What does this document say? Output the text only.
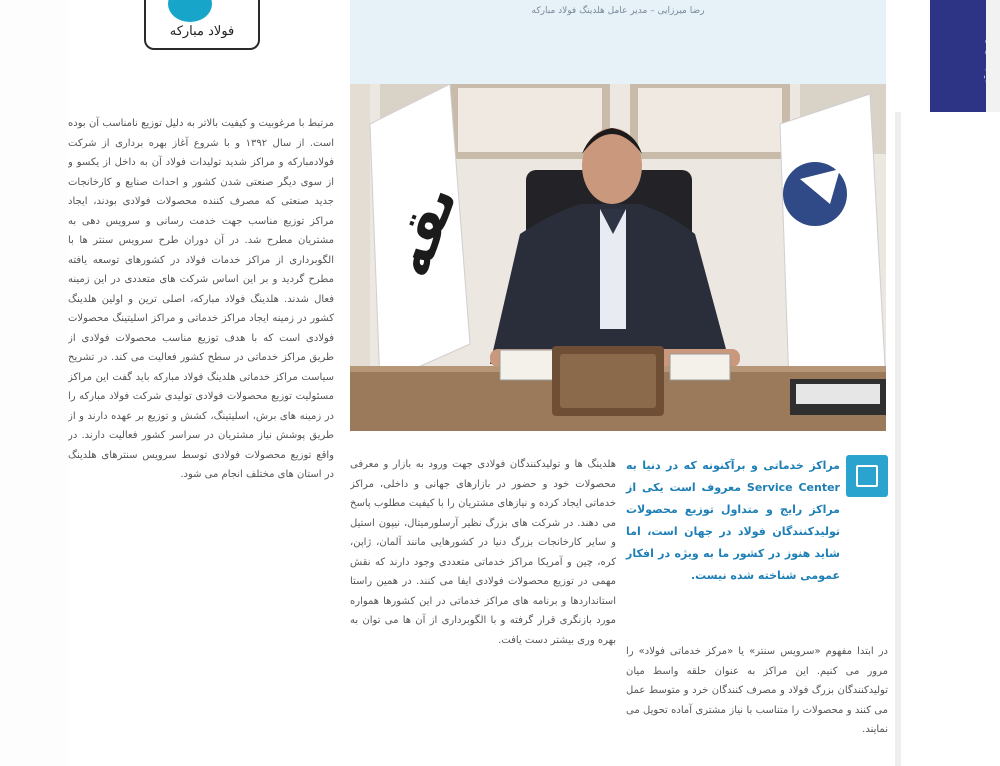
فولاد مبارکه
رضا میرزایی – مدیر عامل هلدینگ فولاد مبارکه
ىقه

مراکز خدماتی و برآکنونه که در دنیا به Service Center معروف است یکی از مراکز رایج و متداول توزیع محصولات تولیدکنندگان فولاد در جهان است، اما شاید هنوز در کشور ما به ویژه در افکار عمومی شناخته شده نیست.

مرتبط با مرغوبیت و کیفیت بالاتر به دلیل توزیع نامناسب آن بوده است. از سال ۱۳۹۲ و با شروع آغاز بهره برداری از شرکت فولادمبارکه و مراکز شدید تولیدات فولاد آن به داخل از یکسو و از سوی دیگر صنعتی شدن کشور و احداث صنایع و کارخانجات جدید صنعتی که مصرف کننده محصولات فولادی بودند، ایجاد مراکز توزیع مناسب جهت خدمت رسانی و سرویس دهی به مشتریان مطرح شد. در آن دوران طرح سرویس سنتر ها با الگوبرداری از مراکز خدمات فولاد در کشورهای توسعه یافته مطرح گردید و بر این اساس شرکت های متعددی در این زمینه فعال شدند. هلدینگ فولاد مبارکه، اصلی ترین و اولین هلدینگ کشور در زمینه ایجاد مراکز خدماتی و مراکز اسلیتینگ محصولات فولادی است که با هدف توزیع مناسب محصولات فولادی از طریق مراکز خدماتی در سطح کشور فعالیت می کند. در تشریح سیاست مراکز خدماتی هلدینگ فولاد مبارکه باید گفت این مراکز مسئولیت توزیع محصولات فولادی تولیدی شرکت فولاد مبارکه را در زمینه های برش، اسلیتینگ، کشش و توزیع بر عهده دارند و از طریق پوشش نیاز مشتریان در سراسر کشور فعالیت دارند. در واقع توزیع محصولات فولادی توسط سرویس سنترهای هلدینگ در استان های مختلف انجام می شود.

هلدینگ ها و تولیدکنندگان فولادی جهت ورود به بازار و معرفی محصولات خود و حضور در بازارهای جهانی و داخلی، مراکز خدماتی ایجاد کرده و نیازهای مشتریان را با کیفیت مطلوب پاسخ می دهند. در شرکت های بزرگ نظیر آرسلورمیتال، نیپون استیل و سایر کارخانجات بزرگ دنیا در کشورهایی مانند آلمان، ژاپن، کره، چین و آمریکا مراکز خدماتی متعددی وجود دارند که نقش مهمی در توزیع محصولات فولادی ایفا می کنند. در همین راستا استانداردها و برنامه های مراکز خدماتی در این کشورها همواره مورد بازنگری قرار گرفته و با الگوبرداری از آن ها می توان به بهره وری بیشتر دست یافت.

در ابتدا مفهوم «سرویس سنتر» یا «مرکز خدماتی فولاد» را مرور می کنیم. این مراکز به عنوان حلقه واسط میان تولیدکنندگان بزرگ فولاد و مصرف کنندگان خرد و متوسط عمل می کنند و محصولات را متناسب با نیاز مشتری آماده تحویل می نمایند.
